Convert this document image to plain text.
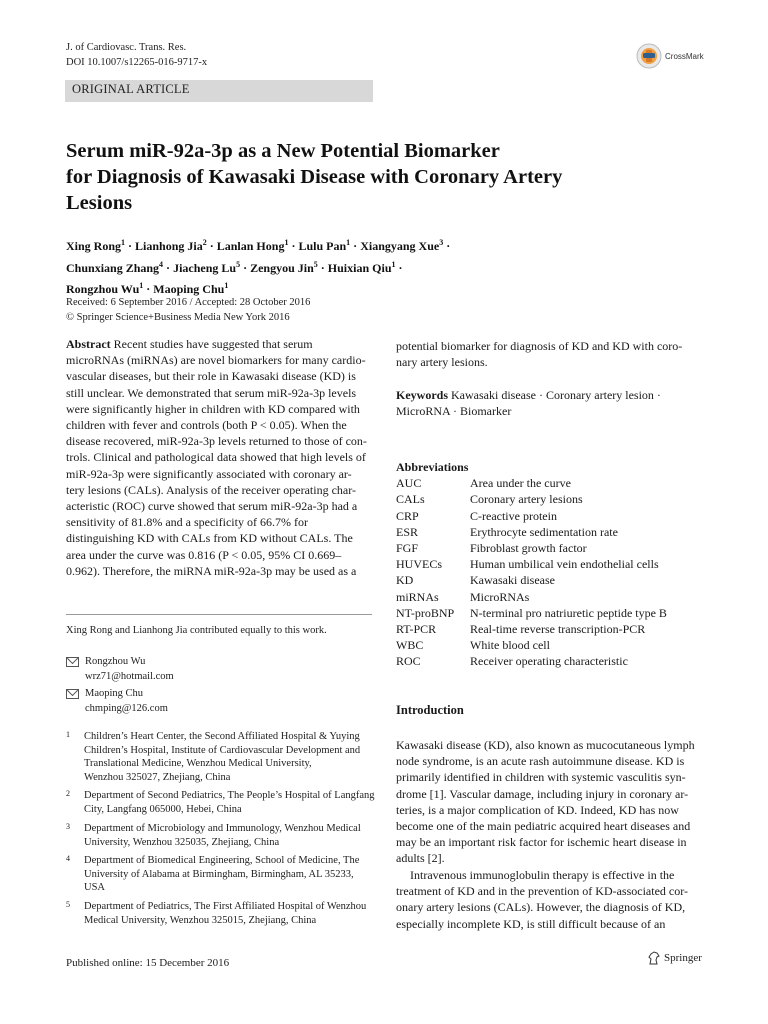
J. of Cardiovasc. Trans. Res.
DOI 10.1007/s12265-016-9717-x
CrossMark
ORIGINAL ARTICLE
Serum miR-92a-3p as a New Potential Biomarker
for Diagnosis of Kawasaki Disease with Coronary Artery
Lesions
Xing Rong$^1$ · Lianhong Jia$^2$ · Lanlan Hong$^1$ · Lulu Pan$^1$ · Xiangyang Xue$^3$ ·
Chunxiang Zhang$^4$ · Jiacheng $Lu^5$ · Zengyou Jin$^5$ · Huixian Qiu$^1$ ·
Rongzhou $Wu^1$ · Maoping Chu$^1$
Received: 6 September 2016 / Accepted: 28 October 2016
© Springer Science+Business Media New York 2016
Abstract Recent studies have suggested that serum
microRNAs (miRNAs) are novel biomarkers for many cardio-
vascular diseases, but their role in Kawasaki disease (KD) is
still unclear. We demonstrated that serum miR-92a-3p levels
were significantly higher in children with KD compared with
children with fever and controls (both P < 0.05). When the
disease recovered, miR-92a-3p levels returned to those of con-
trols. Clinical and pathological data showed that high levels of
miR-92a-3p were significantly associated with coronary ar-
tery lesions (CALs). Analysis of the receiver operating char-
acteristic (ROC) curve showed that serum miR-92a-3p had a
sensitivity of 81.8% and a specificity of 66.7% for
distinguishing KD with CALs from KD without CALs. The
area under the curve was 0.816 (P < 0.05, 95% CI 0.669–
0.962). Therefore, the miRNA miR-92a-3p may be used as a
Xing Rong and Lianhong Jia contributed equally to this work.
Rongzhou Wu
wrz71@hotmail.com
Maoping Chu
chmping@126.com
1 Children’s Heart Center, the Second Affiliated Hospital & Yuying
Children’s Hospital, Institute of Cardiovascular Development and
Translational Medicine, Wenzhou Medical University,
Wenzhou 325027, Zhejiang, China
2 Department of Second Pediatrics, The People’s Hospital of Langfang
City, Langfang 065000, Hebei, China
3 Department of Microbiology and Immunology, Wenzhou Medical
University, Wenzhou 325035, Zhejiang, China
4 Department of Biomedical Engineering, School of Medicine, The
University of Alabama at Birmingham, Birmingham, AL 35233,
USA
5 Department of Pediatrics, The First Affiliated Hospital of Wenzhou
Medical University, Wenzhou 325015, Zhejiang, China
potential biomarker for diagnosis of KD and KD with coro-
nary artery lesions.
Keywords Kawasaki disease · Coronary artery lesion ·
MicroRNA · Biomarker
Abbreviations
AUC	Area under the curve
CALs	Coronary artery lesions
CRP	C-reactive protein
ESR	Erythrocyte sedimentation rate
FGF	Fibroblast growth factor
HUVECs	Human umbilical vein endothelial cells
KD	Kawasaki disease
miRNAs	MicroRNAs
NT-proBNP	N-terminal pro natriuretic peptide type B
RT-PCR	Real-time reverse transcription-PCR
WBC	White blood cell
ROC	Receiver operating characteristic
Introduction
Kawasaki disease (KD), also known as mucocutaneous lymph
node syndrome, is an acute rash autoimmune disease. KD is
primarily identified in children with systemic vasculitis syn-
drome [1]. Vascular damage, including injury in coronary ar-
teries, is a major complication of KD. Indeed, KD has now
become one of the main pediatric acquired heart diseases and
may be an important risk factor for ischemic heart disease in
adults [2].
Intravenous immunoglobulin therapy is effective in the
treatment of KD and in the prevention of KD-associated cor-
onary artery lesions (CALs). However, the diagnosis of KD,
especially incomplete KD, is still difficult because of an
Published online: 15 December 2016	Springer
